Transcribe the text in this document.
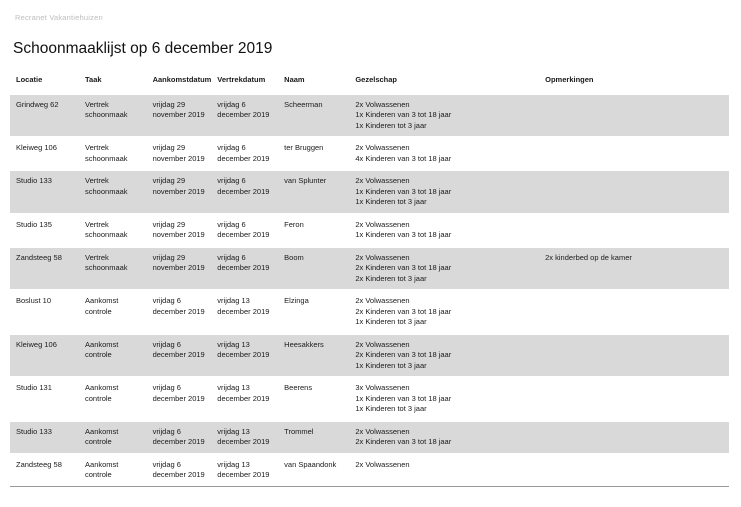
Recranet Vakantiehuizen
Schoonmaaklijst op 6 december 2019
Locatie	Taak	Aankomstdatum	Vertrekdatum	Naam	Gezelschap	Opmerkingen
Grindweg 62	Vertrek schoonmaak	vrijdag 29 november 2019	vrijdag 6 december 2019	Scheerman	2x Volwassenen
1x Kinderen van 3 tot 18 jaar
1x Kinderen tot 3 jaar	

Kleiweg 106	Vertrek schoonmaak	vrijdag 29 november 2019	vrijdag 6 december 2019	ter Bruggen	2x Volwassenen
4x Kinderen van 3 tot 18 jaar	

Studio 133	Vertrek schoonmaak	vrijdag 29 november 2019	vrijdag 6 december 2019	van Splunter	2x Volwassenen
1x Kinderen van 3 tot 18 jaar
1x Kinderen tot 3 jaar	

Studio 135	Vertrek schoonmaak	vrijdag 29 november 2019	vrijdag 6 december 2019	Feron	2x Volwassenen
1x Kinderen van 3 tot 18 jaar	

Zandsteeg 58	Vertrek schoonmaak	vrijdag 29 november 2019	vrijdag 6 december 2019	Boom	2x Volwassenen
2x Kinderen van 3 tot 18 jaar
2x Kinderen tot 3 jaar	2x kinderbed op de kamer
Boslust 10	Aankomst controle	vrijdag 6 december 2019	vrijdag 13 december 2019	Elzinga	2x Volwassenen
2x Kinderen van 3 tot 18 jaar
1x Kinderen tot 3 jaar	

Kleiweg 106	Aankomst controle	vrijdag 6 december 2019	vrijdag 13 december 2019	Heesakkers	2x Volwassenen
2x Kinderen van 3 tot 18 jaar
1x Kinderen tot 3 jaar	

Studio 131	Aankomst controle	vrijdag 6 december 2019	vrijdag 13 december 2019	Beerens	3x Volwassenen
1x Kinderen van 3 tot 18 jaar
1x Kinderen tot 3 jaar	

Studio 133	Aankomst controle	vrijdag 6 december 2019	vrijdag 13 december 2019	Trommel	2x Volwassenen
2x Kinderen van 3 tot 18 jaar	

Zandsteeg 58	Aankomst controle	vrijdag 6 december 2019	vrijdag 13 december 2019	van Spaandonk	2x Volwassenen	
